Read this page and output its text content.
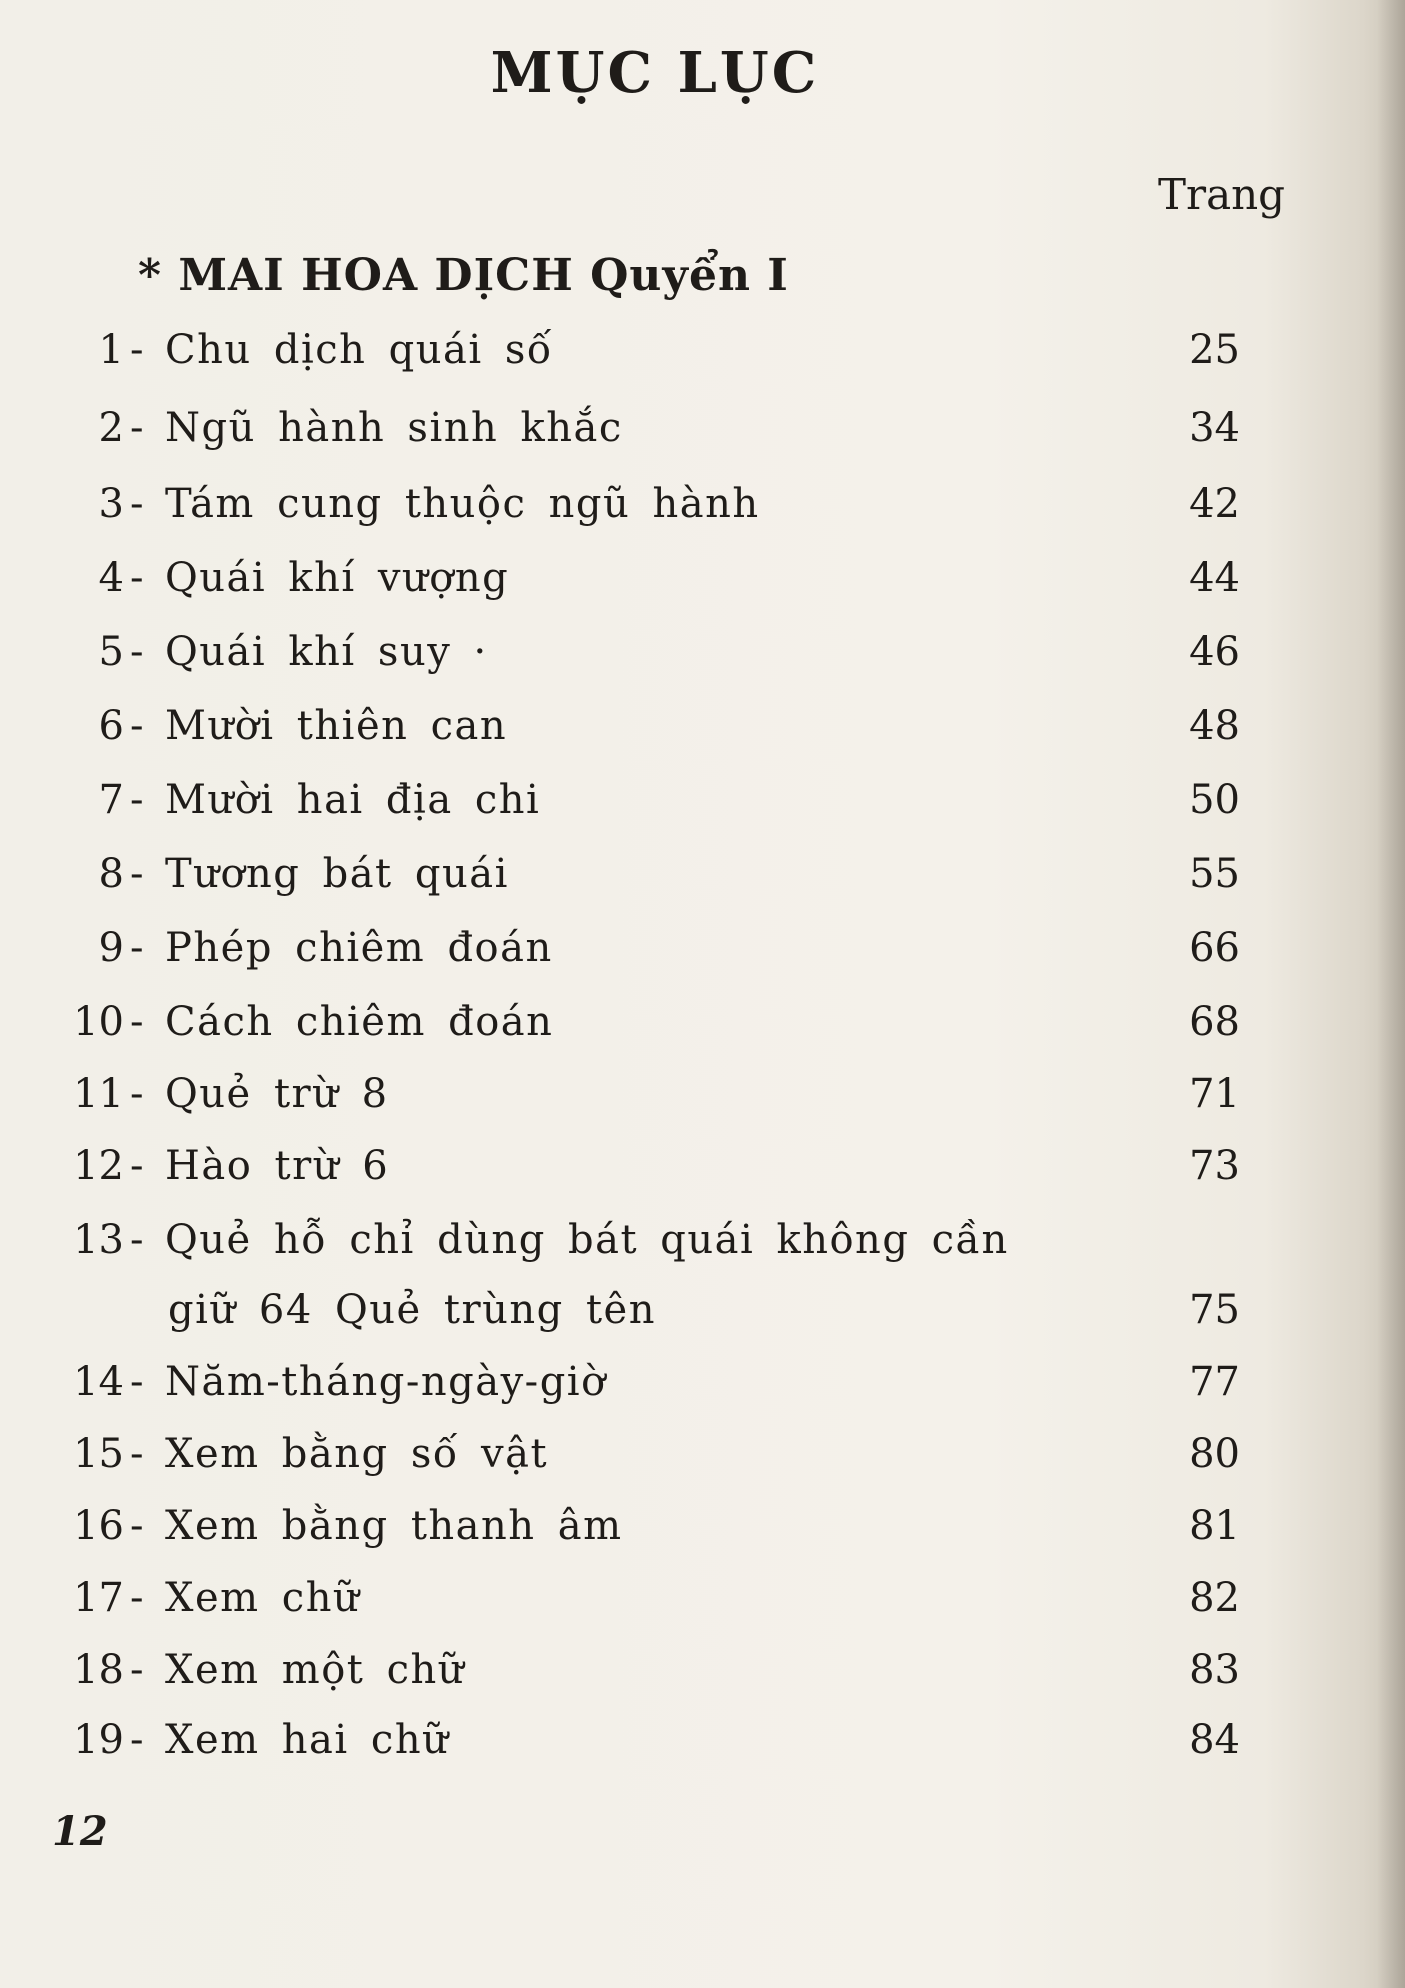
MỤC LỤC
Trang
* MAI HOA DỊCH Quyển I
1 - Chu dịch quái số	25
2 - Ngũ hành sinh khắc	34
3 - Tám cung thuộc ngũ hành	42
4 - Quái khí vượng	44
5 - Quái khí suy ·	46
6 - Mười thiên can	48
7 - Mười hai địa chi	50
8 - Tương bát quái	55
9 - Phép chiêm đoán	66
10 - Cách chiêm đoán	68
11 - Quẻ trừ 8	71
12 - Hào trừ 6	73
13 - Quẻ hỗ chỉ dùng bát quái không cần
giữ 64 Quẻ trùng tên	75
14 - Năm-tháng-ngày-giờ	77
15 - Xem bằng số vật	80
16 - Xem bằng thanh âm	81
17 - Xem chữ	82
18 - Xem một chữ	83
19 - Xem hai chữ	84
12
